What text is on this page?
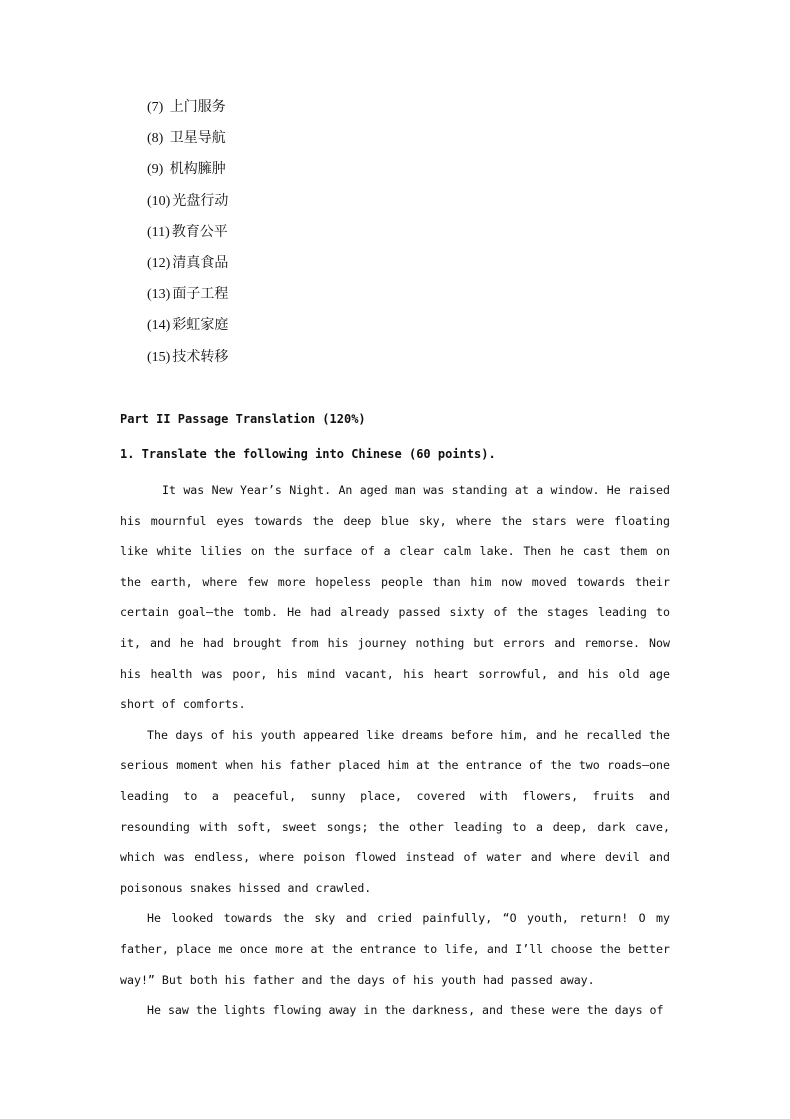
(7) 上门服务
(8) 卫星导航
(9) 机构臃肿
(10) 光盘行动
(11) 教育公平
(12) 清真食品
(13) 面子工程
(14) 彩虹家庭
(15) 技术转移
Part II Passage Translation (120%)
1. Translate the following into Chinese (60 points).

It was New Year’s Night. An aged man was standing at a window. He raised his mournful eyes towards the deep blue sky, where the stars were floating like white lilies on the surface of a clear calm lake. Then he cast them on the earth, where few more hopeless people than him now moved towards their certain goal—the tomb. He had already passed sixty of the stages leading to it, and he had brought from his journey nothing but errors and remorse. Now his health was poor, his mind vacant, his heart sorrowful, and his old age short of comforts.

The days of his youth appeared like dreams before him, and he recalled the serious moment when his father placed him at the entrance of the two roads—one leading to a peaceful, sunny place, covered with flowers, fruits and resounding with soft, sweet songs; the other leading to a deep, dark cave, which was endless, where poison flowed instead of water and where devil and poisonous snakes hissed and crawled.

He looked towards the sky and cried painfully, “O youth, return! O my father, place me once more at the entrance to life, and I’ll choose the better way!” But both his father and the days of his youth had passed away.

He saw the lights flowing away in the darkness, and these were the days of
